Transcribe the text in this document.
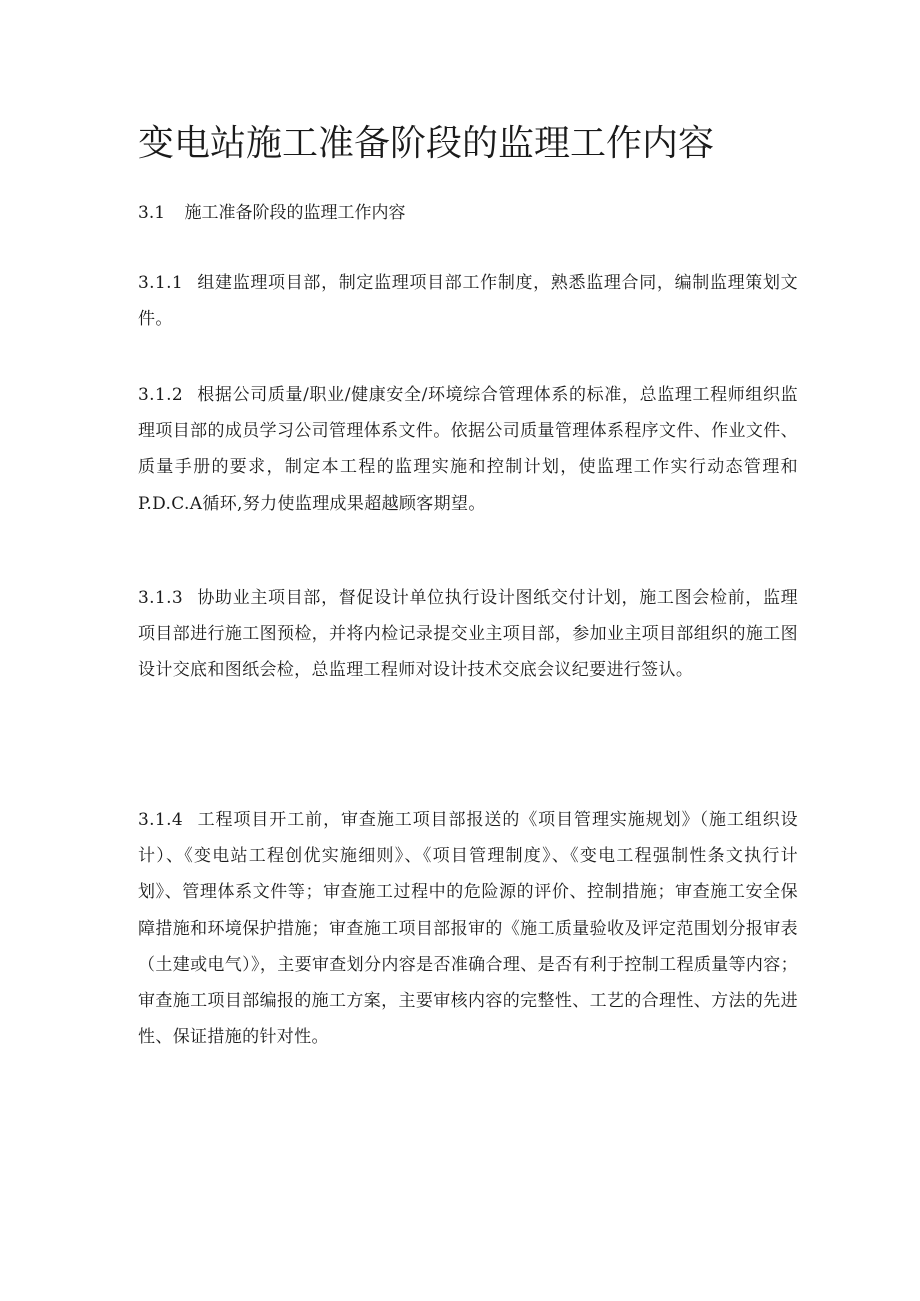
变电站施工准备阶段的监理工作内容
3.1 施工准备阶段的监理工作内容

3.1.1 组建监理项目部，制定监理项目部工作制度，熟悉监理合同，编制监理策划文件。

3.1.2 根据公司质量/职业/健康安全/环境综合管理体系的标准，总监理工程师组织监理项目部的成员学习公司管理体系文件。依据公司质量管理体系程序文件、作业文件、质量手册的要求，制定本工程的监理实施和控制计划，使监理工作实行动态管理和P.D.C.A循环,努力使监理成果超越顾客期望。

3.1.3 协助业主项目部，督促设计单位执行设计图纸交付计划，施工图会检前，监理项目部进行施工图预检，并将内检记录提交业主项目部，参加业主项目部组织的施工图设计交底和图纸会检，总监理工程师对设计技术交底会议纪要进行签认。

3.1.4 工程项目开工前，审查施工项目部报送的《项目管理实施规划》（施工组织设计）、《变电站工程创优实施细则》、《项目管理制度》、《变电工程强制性条文执行计划》、管理体系文件等；审查施工过程中的危险源的评价、控制措施；审查施工安全保障措施和环境保护措施；审查施工项目部报审的《施工质量验收及评定范围划分报审表（土建或电气）》，主要审查划分内容是否准确合理、是否有利于控制工程质量等内容；审查施工项目部编报的施工方案，主要审核内容的完整性、工艺的合理性、方法的先进性、保证措施的针对性。
